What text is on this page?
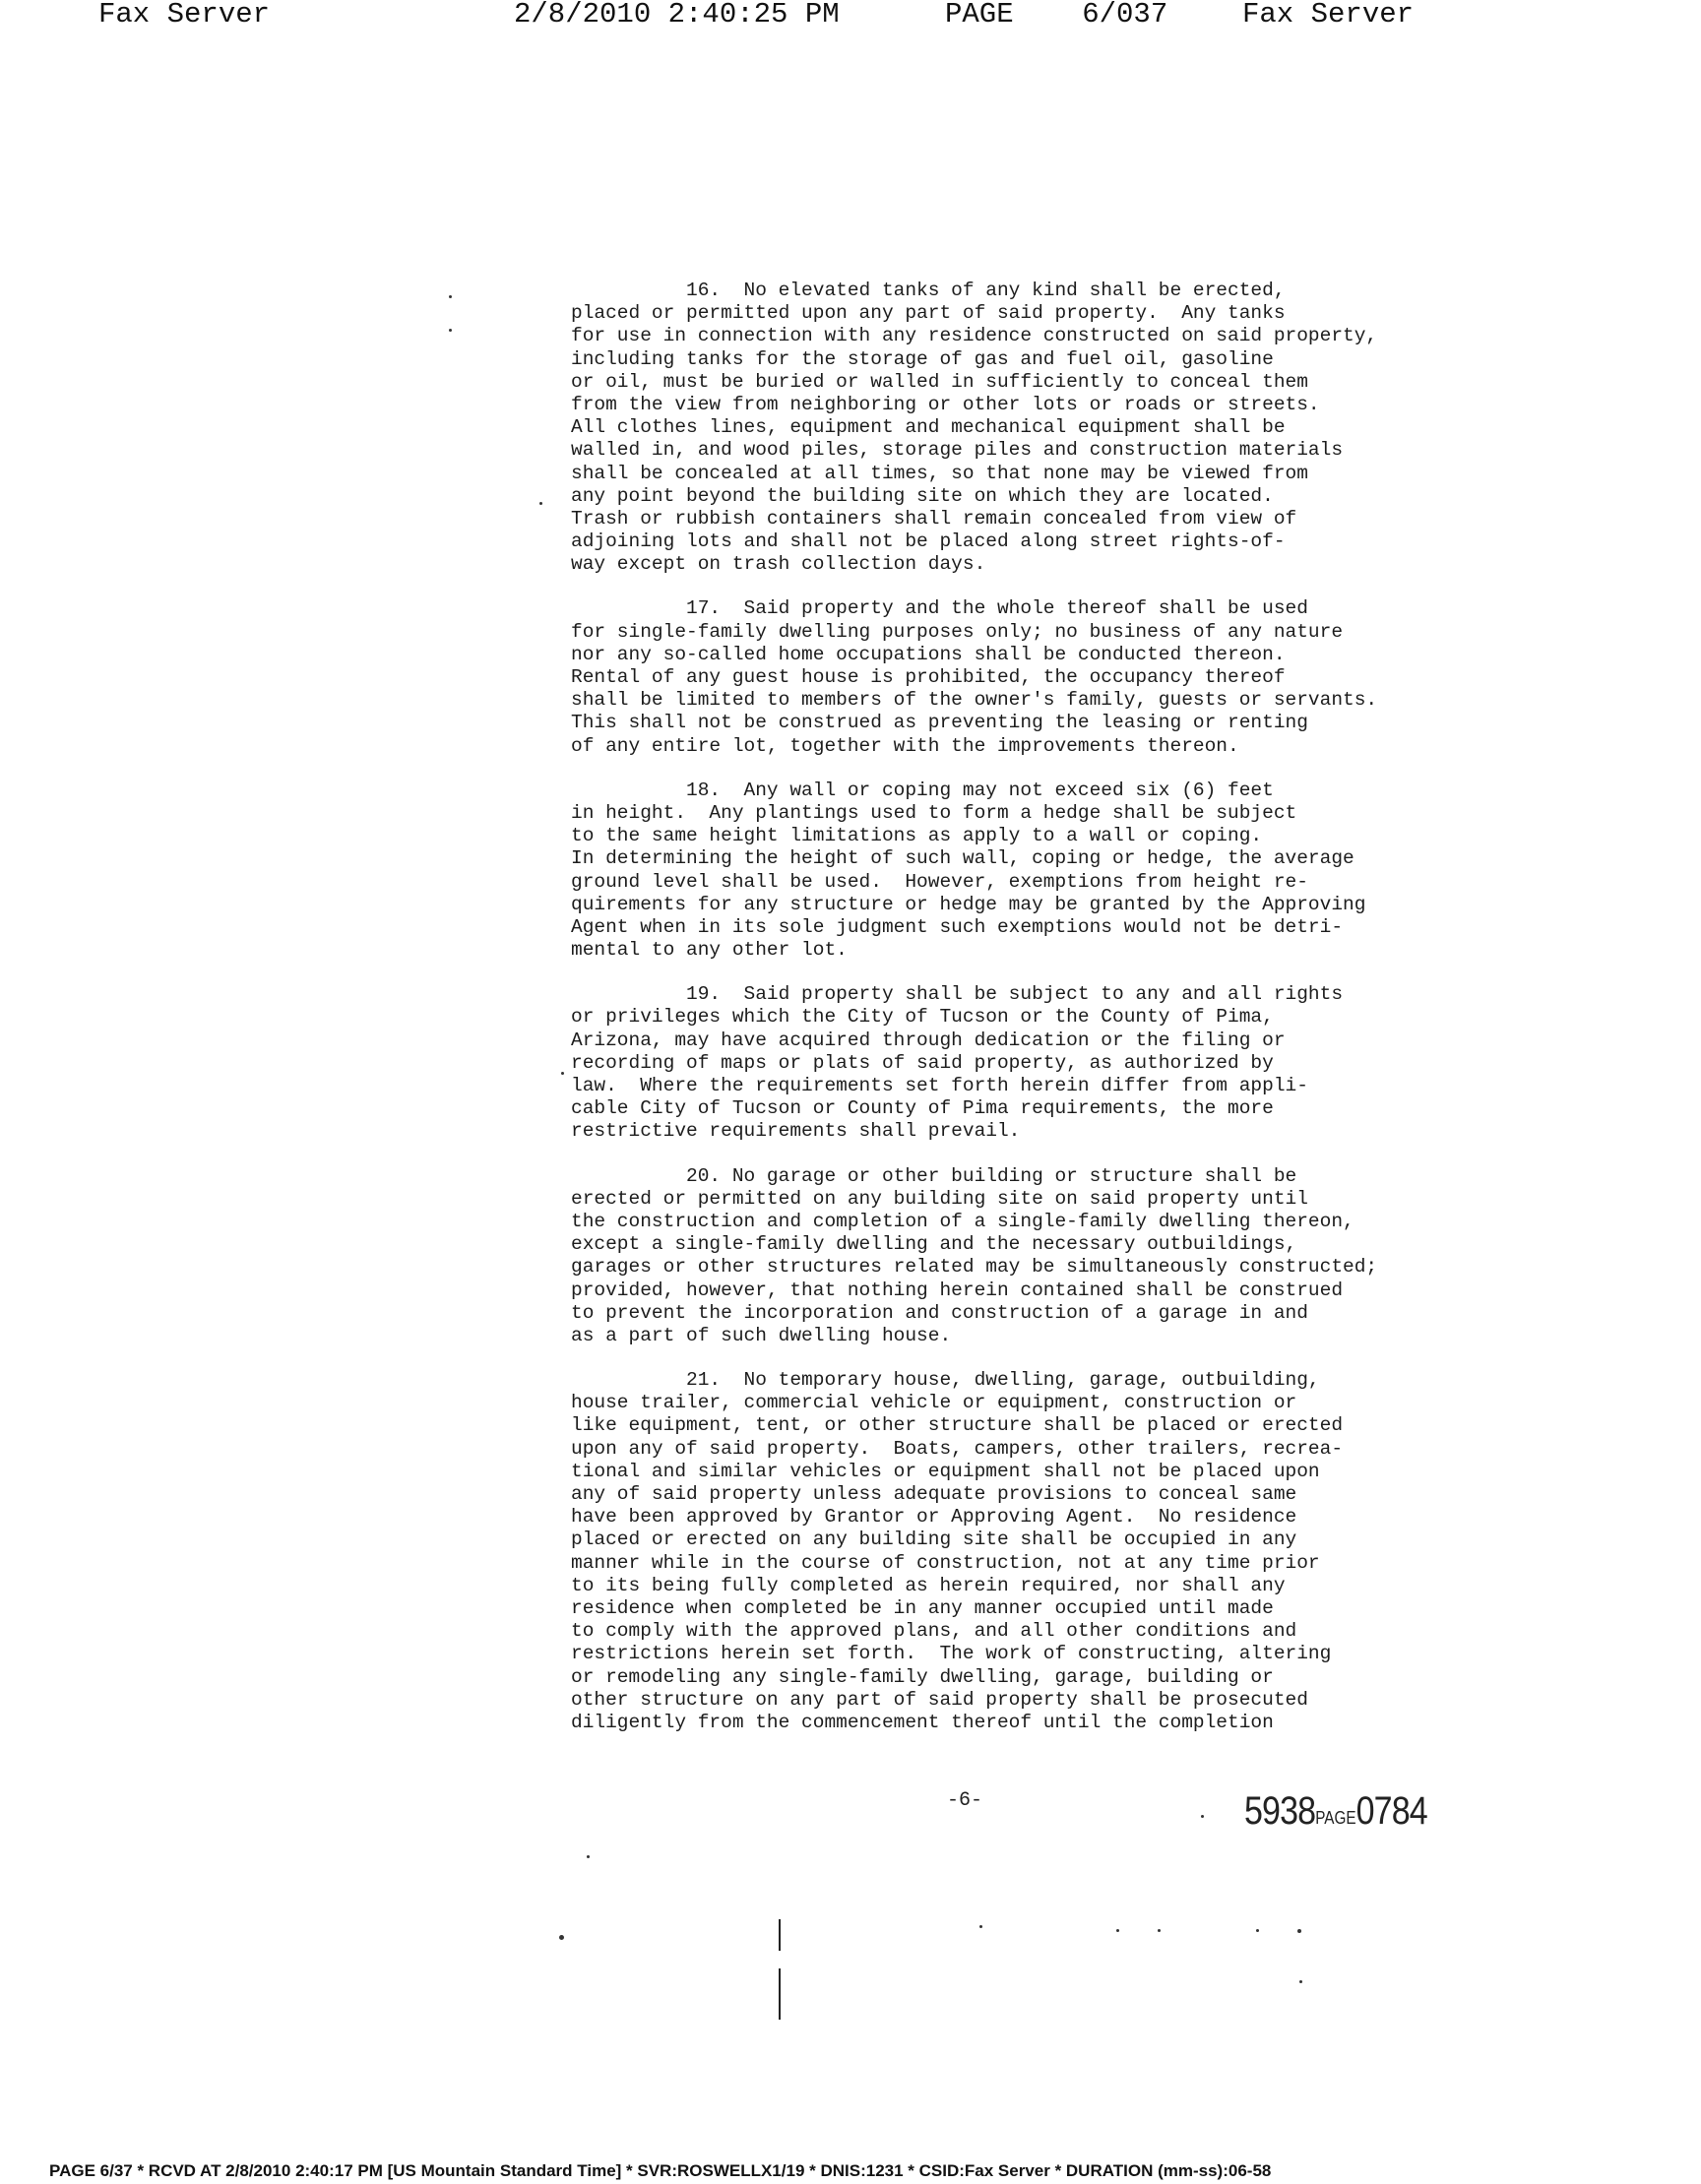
Fax Server

	2/8/2010 2:40:25 PM

	PAGE    6/037

	Fax Server

16.  No elevated tanks of any kind shall be erected,
placed or permitted upon any part of said property.  Any tanks
for use in connection with any residence constructed on said property,
including tanks for the storage of gas and fuel oil, gasoline
or oil, must be buried or walled in sufficiently to conceal them
from the view from neighboring or other lots or roads or streets.
All clothes lines, equipment and mechanical equipment shall be
walled in, and wood piles, storage piles and construction materials
shall be concealed at all times, so that none may be viewed from
any point beyond the building site on which they are located.
Trash or rubbish containers shall remain concealed from view of
adjoining lots and shall not be placed along street rights-of-
way except on trash collection days.
17.  Said property and the whole thereof shall be used
for single-family dwelling purposes only; no business of any nature
nor any so-called home occupations shall be conducted thereon.
Rental of any guest house is prohibited, the occupancy thereof
shall be limited to members of the owner's family, guests or servants.
This shall not be construed as preventing the leasing or renting
of any entire lot, together with the improvements thereon.
18.  Any wall or coping may not exceed six (6) feet
in height.  Any plantings used to form a hedge shall be subject
to the same height limitations as apply to a wall or coping.
In determining the height of such wall, coping or hedge, the average
ground level shall be used.  However, exemptions from height re-
quirements for any structure or hedge may be granted by the Approving
Agent when in its sole judgment such exemptions would not be detri-
mental to any other lot.
19.  Said property shall be subject to any and all rights
or privileges which the City of Tucson or the County of Pima,
Arizona, may have acquired through dedication or the filing or
recording of maps or plats of said property, as authorized by
law.  Where the requirements set forth herein differ from appli-
cable City of Tucson or County of Pima requirements, the more
restrictive requirements shall prevail.
20. No garage or other building or structure shall be
erected or permitted on any building site on said property until
the construction and completion of a single-family dwelling thereon,
except a single-family dwelling and the necessary outbuildings,
garages or other structures related may be simultaneously constructed;
provided, however, that nothing herein contained shall be construed
to prevent the incorporation and construction of a garage in and
as a part of such dwelling house.
21.  No temporary house, dwelling, garage, outbuilding,
house trailer, commercial vehicle or equipment, construction or
like equipment, tent, or other structure shall be placed or erected
upon any of said property.  Boats, campers, other trailers, recrea-
tional and similar vehicles or equipment shall not be placed upon
any of said property unless adequate provisions to conceal same
have been approved by Grantor or Approving Agent.  No residence
placed or erected on any building site shall be occupied in any
manner while in the course of construction, not at any time prior
to its being fully completed as herein required, nor shall any
residence when completed be in any manner occupied until made
to comply with the approved plans, and all other conditions and
restrictions herein set forth.  The work of constructing, altering
or remodeling any single-family dwelling, garage, building or
other structure on any part of said property shall be prosecuted
diligently from the commencement thereof until the completion
-6-	5938PAGE0784
PAGE 6/37 * RCVD AT 2/8/2010 2:40:17 PM [US Mountain Standard Time] * SVR:ROSWELLX1/19 * DNIS:1231 * CSID:Fax Server * DURATION (mm-ss):06-58
